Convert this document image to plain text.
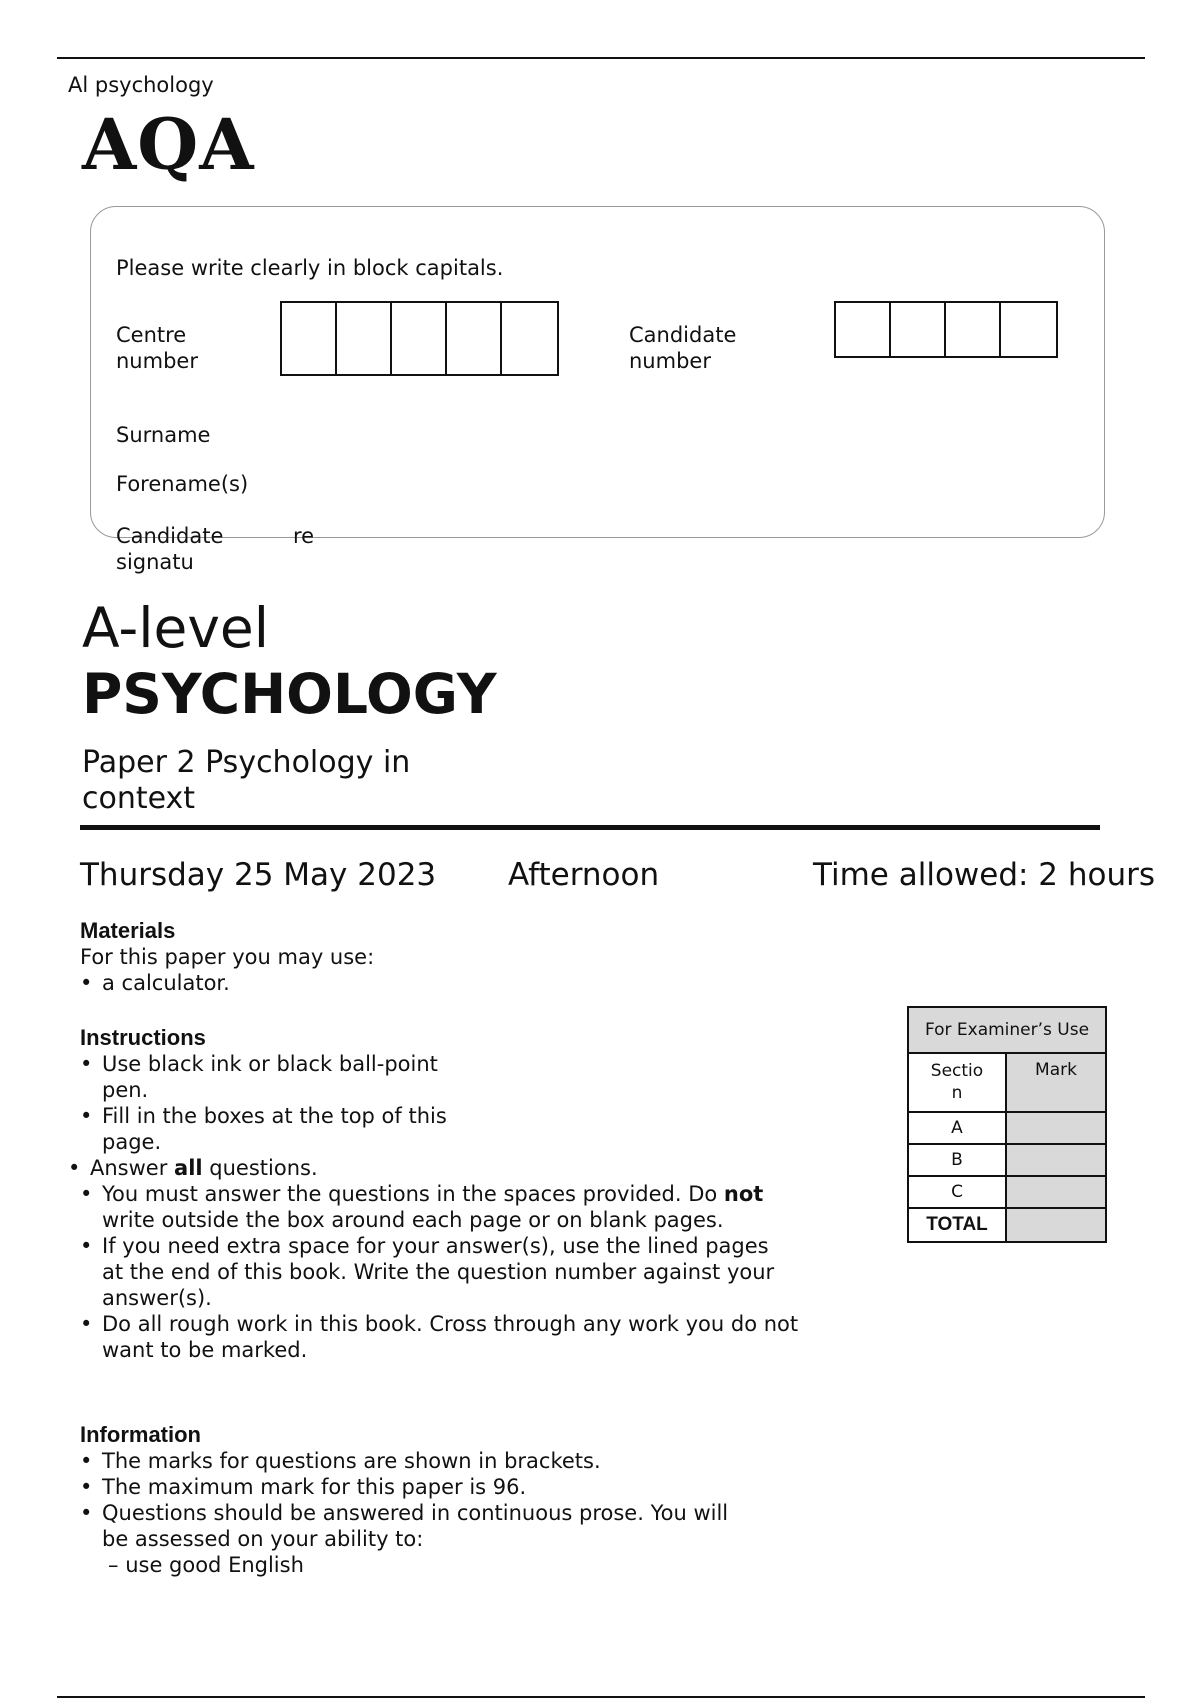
Al psychology
AQA
Please write clearly in block capitals.
Centre
number
Candidate
number
Surname
Forename(s)
Candidate	re
signatu
A-level
PSYCHOLOGY
Paper 2 Psychology in context
Thursday 25 May 2023 Afternoon	Time allowed: 2 hours
Materials
For this paper you may use:
• a calculator.
Instructions
• Use black ink or black ball-point pen.
• Fill in the boxes at the top of this page.
• Answer all questions.
• You must answer the questions in the spaces provided. Do not write outside the box around each page or on blank pages.
• If you need extra space for your answer(s), use the lined pages at the end of this book. Write the question number against your answer(s).
• Do all rough work in this book. Cross through any work you do not want to be marked.
Information
• The marks for questions are shown in brackets.
• The maximum mark for this paper is 96.
• Questions should be answered in continuous prose. You will be assessed on your ability to:
– use good English
For Examiner’s Use	

Section	Mark
A	
B	
C	
TOTAL	
